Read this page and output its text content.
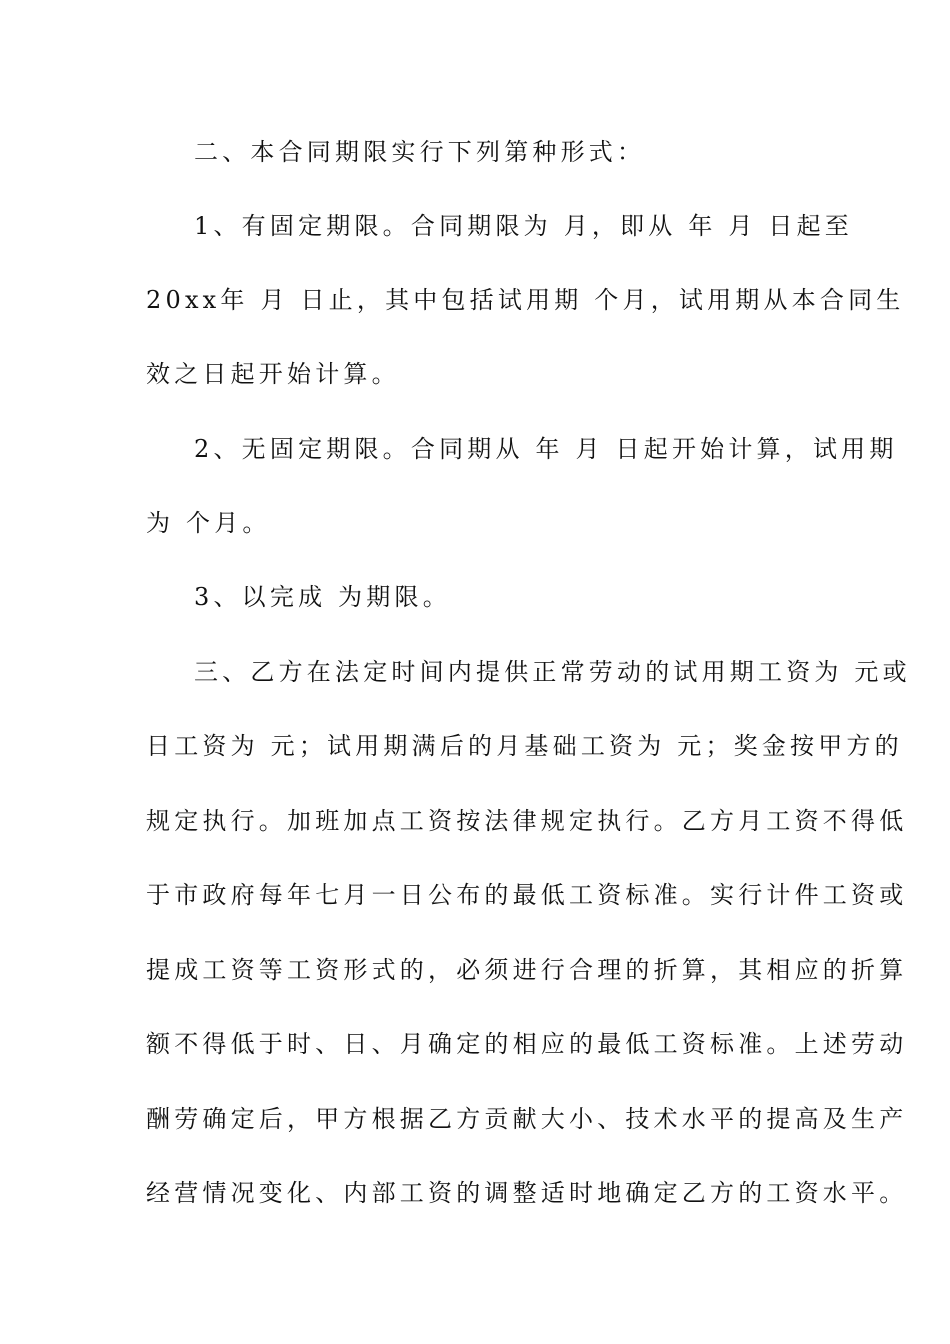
二、本合同期限实行下列第种形式：
1、有固定期限。合同期限为 月，即从 年 月 日起至
20xx年 月 日止，其中包括试用期 个月，试用期从本合同生
效之日起开始计算。
2、无固定期限。合同期从 年 月 日起开始计算，试用期
为 个月。
3、以完成 为期限。
三、乙方在法定时间内提供正常劳动的试用期工资为 元或
日工资为 元；试用期满后的月基础工资为 元；奖金按甲方的
规定执行。加班加点工资按法律规定执行。乙方月工资不得低
于市政府每年七月一日公布的最低工资标准。实行计件工资或
提成工资等工资形式的，必须进行合理的折算，其相应的折算
额不得低于时、日、月确定的相应的最低工资标准。上述劳动
酬劳确定后，甲方根据乙方贡献大小、技术水平的提高及生产
经营情况变化、内部工资的调整适时地确定乙方的工资水平。
